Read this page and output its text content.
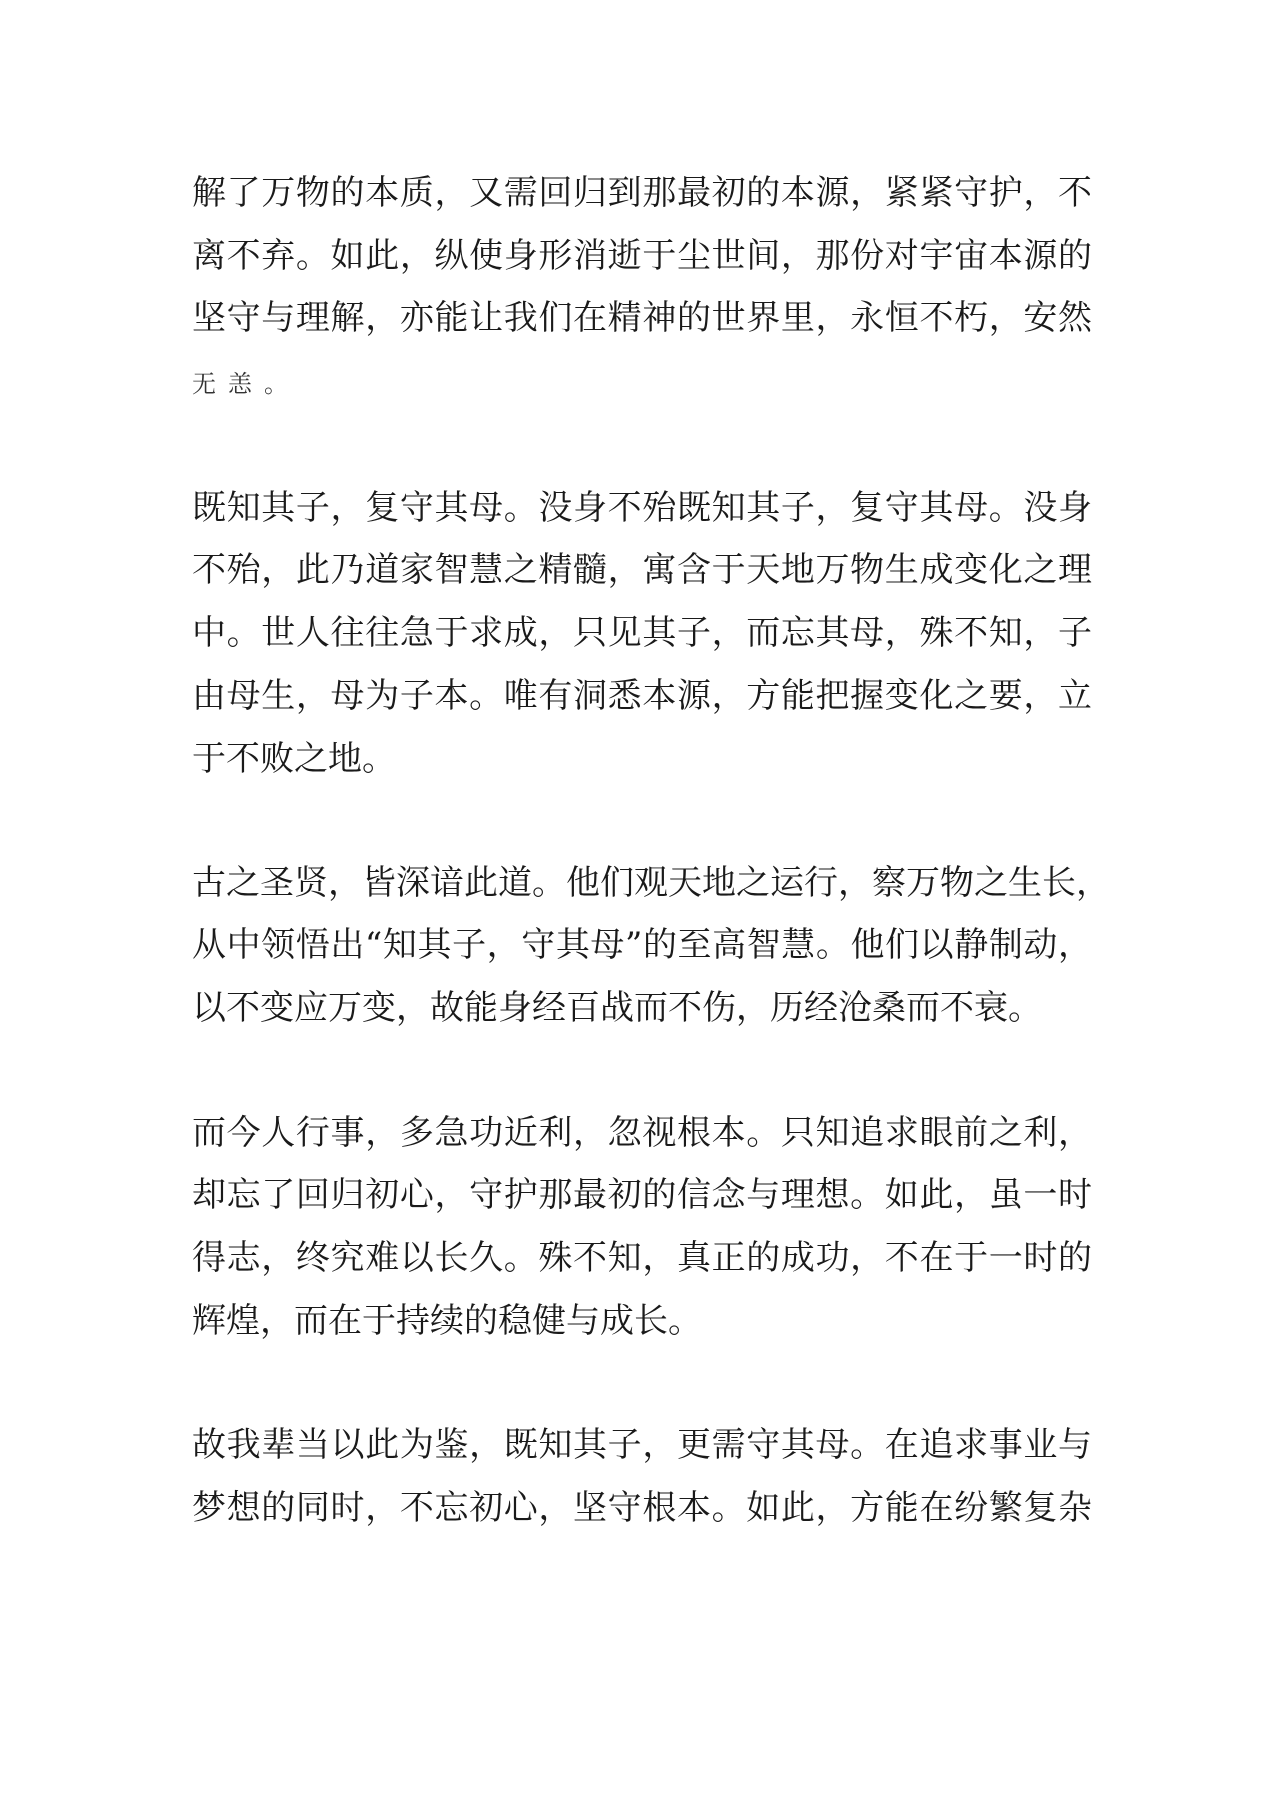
解了万物的本质，又需回归到那最初的本源，紧紧守护，不
离不弃。如此，纵使身形消逝于尘世间，那份对宇宙本源的
坚守与理解，亦能让我们在精神的世界里，永恒不朽，安然
无恙。
既知其子，复守其母。没身不殆既知其子，复守其母。没身
不殆，此乃道家智慧之精髓，寓含于天地万物生成变化之理
中。世人往往急于求成，只见其子，而忘其母，殊不知，子
由母生，母为子本。唯有洞悉本源，方能把握变化之要，立
于不败之地。
古之圣贤，皆深谙此道。他们观天地之运行，察万物之生长，
从中领悟出“知其子，守其母”的至高智慧。他们以静制动，
以不变应万变，故能身经百战而不伤，历经沧桑而不衰。
而今人行事，多急功近利，忽视根本。只知追求眼前之利，
却忘了回归初心，守护那最初的信念与理想。如此，虽一时
得志，终究难以长久。殊不知，真正的成功，不在于一时的
辉煌，而在于持续的稳健与成长。
故我辈当以此为鉴，既知其子，更需守其母。在追求事业与
梦想的同时，不忘初心，坚守根本。如此，方能在纷繁复杂
